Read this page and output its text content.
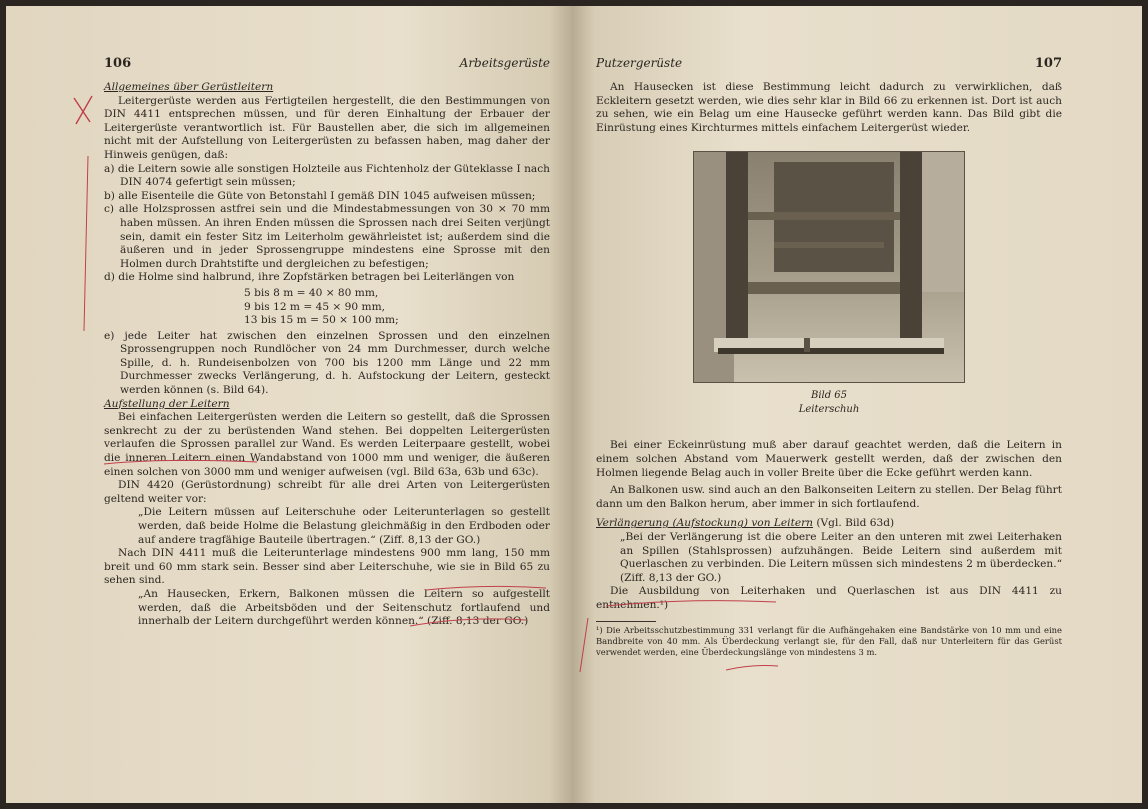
106	Arbeitsgerüste

Allgemeines über Gerüstleitern

Leitergerüste werden aus Fertigteilen hergestellt, die den Bestimmungen von DIN 4411 entsprechen müssen, und für deren Einhaltung der Erbauer der Leitergerüste verantwortlich ist. Für Baustellen aber, die sich im allgemeinen nicht mit der Aufstellung von Leitergerüsten zu befassen haben, mag daher der Hinweis genügen, daß:

a) die Leitern sowie alle sonstigen Holzteile aus Fichtenholz der Güteklasse I nach DIN 4074 gefertigt sein müssen;

b) alle Eisenteile die Güte von Betonstahl I gemäß DIN 1045 aufweisen müssen;

c) alle Holzsprossen astfrei sein und die Mindestabmessungen von 30 × 70 mm haben müssen. An ihren Enden müssen die Sprossen nach drei Seiten verjüngt sein, damit ein fester Sitz im Leiterholm gewährleistet ist; außerdem sind die äußeren und in jeder Sprossengruppe mindestens eine Sprosse mit den Holmen durch Drahtstifte und dergleichen zu befestigen;

d) die Holme sind halbrund, ihre Zopfstärken betragen bei Leiterlängen von

5 bis 8 m = 40 × 80 mm,
9 bis 12 m = 45 × 90 mm,
13 bis 15 m = 50 × 100 mm;

e) jede Leiter hat zwischen den einzelnen Sprossen und den einzelnen Sprossengruppen noch Rundlöcher von 24 mm Durchmesser, durch welche Spille, d. h. Rundeisenbolzen von 700 bis 1200 mm Länge und 22 mm Durchmesser zwecks Verlängerung, d. h. Aufstockung der Leitern, gesteckt werden können (s. Bild 64).

Aufstellung der Leitern

Bei einfachen Leitergerüsten werden die Leitern so gestellt, daß die Sprossen senkrecht zu der zu berüstenden Wand stehen. Bei doppelten Leitergerüsten verlaufen die Sprossen parallel zur Wand. Es werden Leiterpaare gestellt, wobei die inneren Leitern einen Wandabstand von 1000 mm und weniger, die äußeren einen solchen von 3000 mm und weniger aufweisen (vgl. Bild 63a, 63b und 63c).

DIN 4420 (Gerüstordnung) schreibt für alle drei Arten von Leitergerüsten geltend weiter vor:

„Die Leitern müssen auf Leiterschuhe oder Leiterunterlagen so gestellt werden, daß beide Holme die Belastung gleichmäßig in den Erdboden oder auf andere tragfähige Bauteile übertragen.“ (Ziff. 8,13 der GO.)

Nach DIN 4411 muß die Leiterunterlage mindestens 900 mm lang, 150 mm breit und 60 mm stark sein. Besser sind aber Leiterschuhe, wie sie in Bild 65 zu sehen sind.

„An Hausecken, Erkern, Balkonen müssen die Leitern so aufgestellt werden, daß die Arbeitsböden und der Seitenschutz fortlaufend und innerhalb der Leitern durchgeführt werden können.“ (Ziff. 8,13 der GO.)

Putzergerüste	107

An Hausecken ist diese Bestimmung leicht dadurch zu verwirklichen, daß Eckleitern gesetzt werden, wie dies sehr klar in Bild 66 zu erkennen ist. Dort ist auch zu sehen, wie ein Belag um eine Hausecke geführt werden kann. Das Bild gibt die Einrüstung eines Kirchturmes mittels einfachem Leitergerüst wieder.

Bild 65
Leiterschuh

Bei einer Eckeinrüstung muß aber darauf geachtet werden, daß die Leitern in einem solchen Abstand vom Mauerwerk gestellt werden, daß der zwischen den Holmen liegende Belag auch in voller Breite über die Ecke geführt werden kann.

An Balkonen usw. sind auch an den Balkonseiten Leitern zu stellen. Der Belag führt dann um den Balkon herum, aber immer in sich fortlaufend.

Verlängerung (Aufstockung) von Leitern (Vgl. Bild 63d)

„Bei der Verlängerung ist die obere Leiter an den unteren mit zwei Leiterhaken an Spillen (Stahlsprossen) aufzuhängen. Beide Leitern sind außerdem mit Querlaschen zu verbinden. Die Leitern müssen sich mindestens 2 m überdecken.“ (Ziff. 8,13 der GO.)

Die Ausbildung von Leiterhaken und Querlaschen ist aus DIN 4411 zu entnehmen.¹)

¹) Die Arbeitsschutzbestimmung 331 verlangt für die Aufhängehaken eine Bandstärke von 10 mm und eine Bandbreite von 40 mm. Als Überdeckung verlangt sie, für den Fall, daß nur Unterleitern für das Gerüst verwendet werden, eine Überdeckungslänge von mindestens 3 m.
